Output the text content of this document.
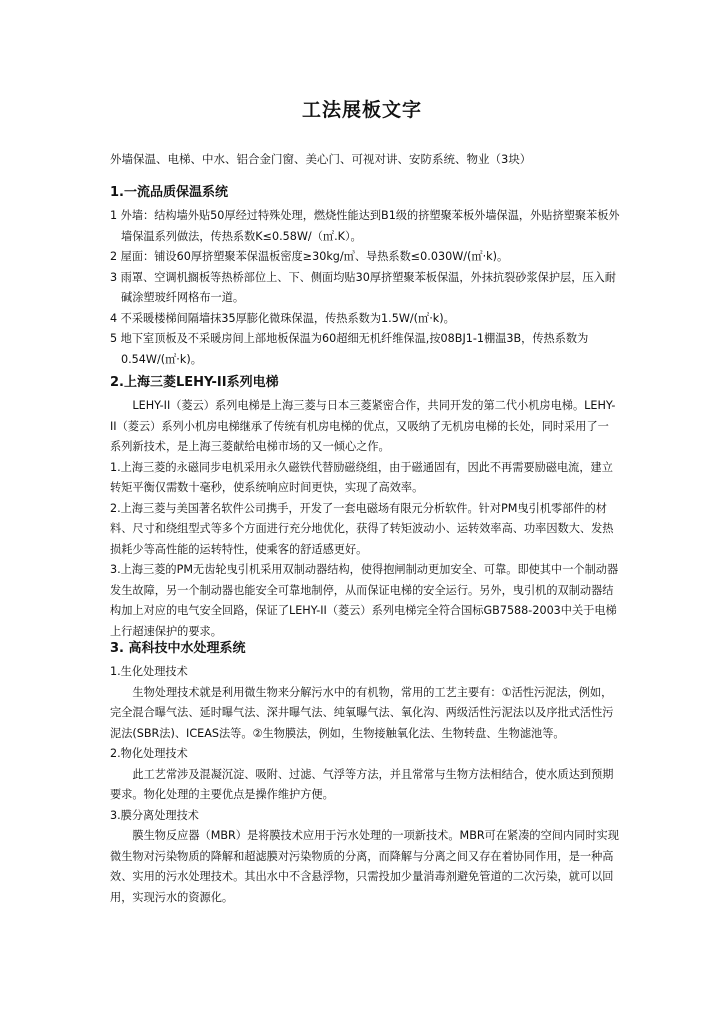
工法展板文字
外墙保温、电梯、中水、铝合金门窗、美心门、可视对讲、安防系统、物业（3块）
1.一流品质保温系统

1 外墙：结构墙外贴50厚经过特殊处理，燃烧性能达到B1级的挤塑聚苯板外墙保温，外贴挤塑聚苯板外墙保温系列做法，传热系数K≤0.58W/（㎡.K）。

2 屋面：铺设60厚挤塑聚苯保温板密度≥30kg/㎥、导热系数≤0.030W/(㎡·k)。

3 雨罩、空调机搁板等热桥部位上、下、侧面均贴30厚挤塑聚苯板保温，外抹抗裂砂浆保护层，压入耐碱涂塑玻纤网格布一道。

4 不采暖楼梯间隔墙抹35厚膨化微珠保温，传热系数为1.5W/(㎡·k)。

5 地下室顶板及不采暖房间上部地板保温为60超细无机纤维保温,按08BJ1-1棚温3B，传热系数为0.54W/(㎡·k)。

2.上海三菱LEHY-II系列电梯

LEHY-II（菱云）系列电梯是上海三菱与日本三菱紧密合作，共同开发的第二代小机房电梯。LEHY-II（菱云）系列小机房电梯继承了传统有机房电梯的优点，又吸纳了无机房电梯的长处，同时采用了一系列新技术，是上海三菱献给电梯市场的又一倾心之作。

1.上海三菱的永磁同步电机采用永久磁铁代替励磁绕组，由于磁通固有，因此不再需要励磁电流，建立转矩平衡仅需数十毫秒，使系统响应时间更快，实现了高效率。

2.上海三菱与美国著名软件公司携手，开发了一套电磁场有限元分析软件。针对PM曳引机零部件的材料、尺寸和绕组型式等多个方面进行充分地优化，获得了转矩波动小、运转效率高、功率因数大、发热损耗少等高性能的运转特性，使乘客的舒适感更好。

3.上海三菱的PM无齿轮曳引机采用双制动器结构，使得抱闸制动更加安全、可靠。即使其中一个制动器发生故障，另一个制动器也能安全可靠地制停，从而保证电梯的安全运行。另外，曳引机的双制动器结构加上对应的电气安全回路，保证了LEHY-II（菱云）系列电梯完全符合国标GB7588-2003中关于电梯上行超速保护的要求。

3. 高科技中水处理系统

1.生化处理技术

生物处理技术就是利用微生物来分解污水中的有机物，常用的工艺主要有：①活性污泥法，例如，完全混合曝气法、延时曝气法、深井曝气法、纯氧曝气法、氧化沟、两级活性污泥法以及序批式活性污泥法(SBR法)、ICEAS法等。②生物膜法，例如，生物接触氧化法、生物转盘、生物滤池等。

2.物化处理技术

此工艺常涉及混凝沉淀、吸附、过滤、气浮等方法，并且常常与生物方法相结合，使水质达到预期要求。物化处理的主要优点是操作维护方便。

3.膜分离处理技术

膜生物反应器（MBR）是将膜技术应用于污水处理的一项新技术。MBR可在紧凑的空间内同时实现微生物对污染物质的降解和超滤膜对污染物质的分离，而降解与分离之间又存在着协同作用，是一种高效、实用的污水处理技术。其出水中不含悬浮物，只需投加少量消毒剂避免管道的二次污染，就可以回用，实现污水的资源化。
